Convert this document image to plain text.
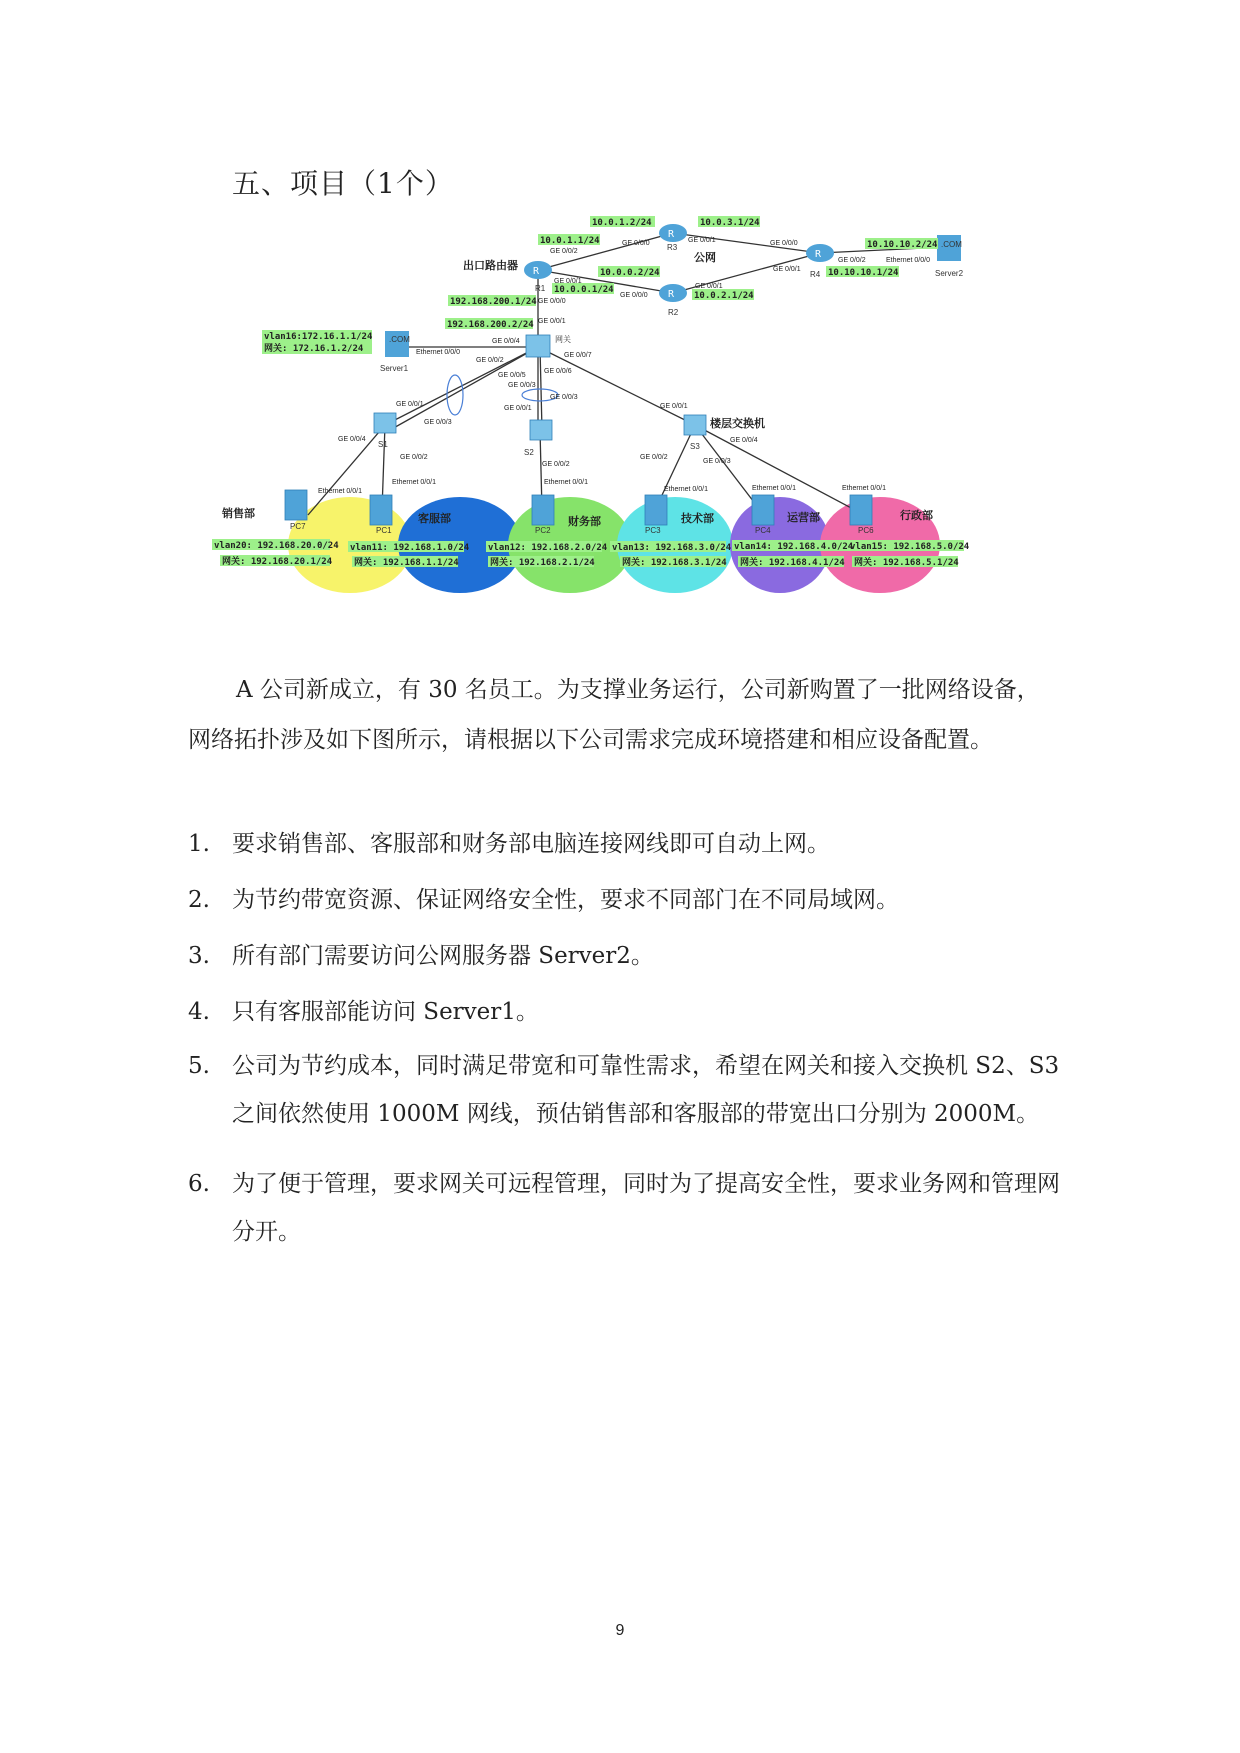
五、项目（1个）
R
R
R
R
R1
R3
R2
R4
出口路由器
公网
.COM
Server1
.COM
Server2
网关
S1
S2
S3
楼层交换机
PC7	PC1	PC2	PC3	PC4	PC6
10.0.1.2/24	10.0.3.1/24
10.0.1.1/24	10.10.10.2/24
10.0.0.2/24
10.0.0.1/24
10.10.10.1/24
10.0.2.1/24
192.168.200.1/24
192.168.200.2/24
vlan16:172.16.1.1/24
网关: 172.16.1.2/24
GE 0/0/0
GE 0/0/2
GE 0/0/1	GE 0/0/0
GE 0/0/2
GE 0/0/1
Ethernet 0/0/0
GE 0/0/1
GE 0/0/0
GE 0/0/1
GE 0/0/0
GE 0/0/1
GE 0/0/4
Ethernet 0/0/0
GE 0/0/2
GE 0/0/7
GE 0/0/5
GE 0/0/6
GE 0/0/3
GE 0/0/3
GE 0/0/1
GE 0/0/3
GE 0/0/1	GE 0/0/1
GE 0/0/4	GE 0/0/4
GE 0/0/2
GE 0/0/2
GE 0/0/2
GE 0/0/3
Ethernet 0/0/1
Ethernet 0/0/1	Ethernet 0/0/1
Ethernet 0/0/1	Ethernet 0/0/1	Ethernet 0/0/1
销售部	客服部	财务部	技术部	运营部	行政部
vlan20: 192.168.20.0/24
网关: 192.168.20.1/24
vlan11: 192.168.1.0/24
网关: 192.168.1.1/24
vlan12: 192.168.2.0/24
网关: 192.168.2.1/24
vlan13: 192.168.3.0/24
网关: 192.168.3.1/24
vlan14: 192.168.4.0/24
网关: 192.168.4.1/24
vlan15: 192.168.5.0/24
网关: 192.168.5.1/24

A 公司新成立，有 30 名员工。为支撑业务运行，公司新购置了一批网络设备，网络拓扑涉及如下图所示，请根据以下公司需求完成环境搭建和相应设备配置。

1. 要求销售部、客服部和财务部电脑连接网线即可自动上网。
2. 为节约带宽资源、保证网络安全性，要求不同部门在不同局域网。
3. 所有部门需要访问公网服务器 Server2。
4. 只有客服部能访问 Server1。
5. 公司为节约成本，同时满足带宽和可靠性需求，希望在网关和接入交换机 S2、S3 之间依然使用 1000M 网线，预估销售部和客服部的带宽出口分别为 2000M。
6. 为了便于管理，要求网关可远程管理，同时为了提高安全性，要求业务网和管理网分开。
9
